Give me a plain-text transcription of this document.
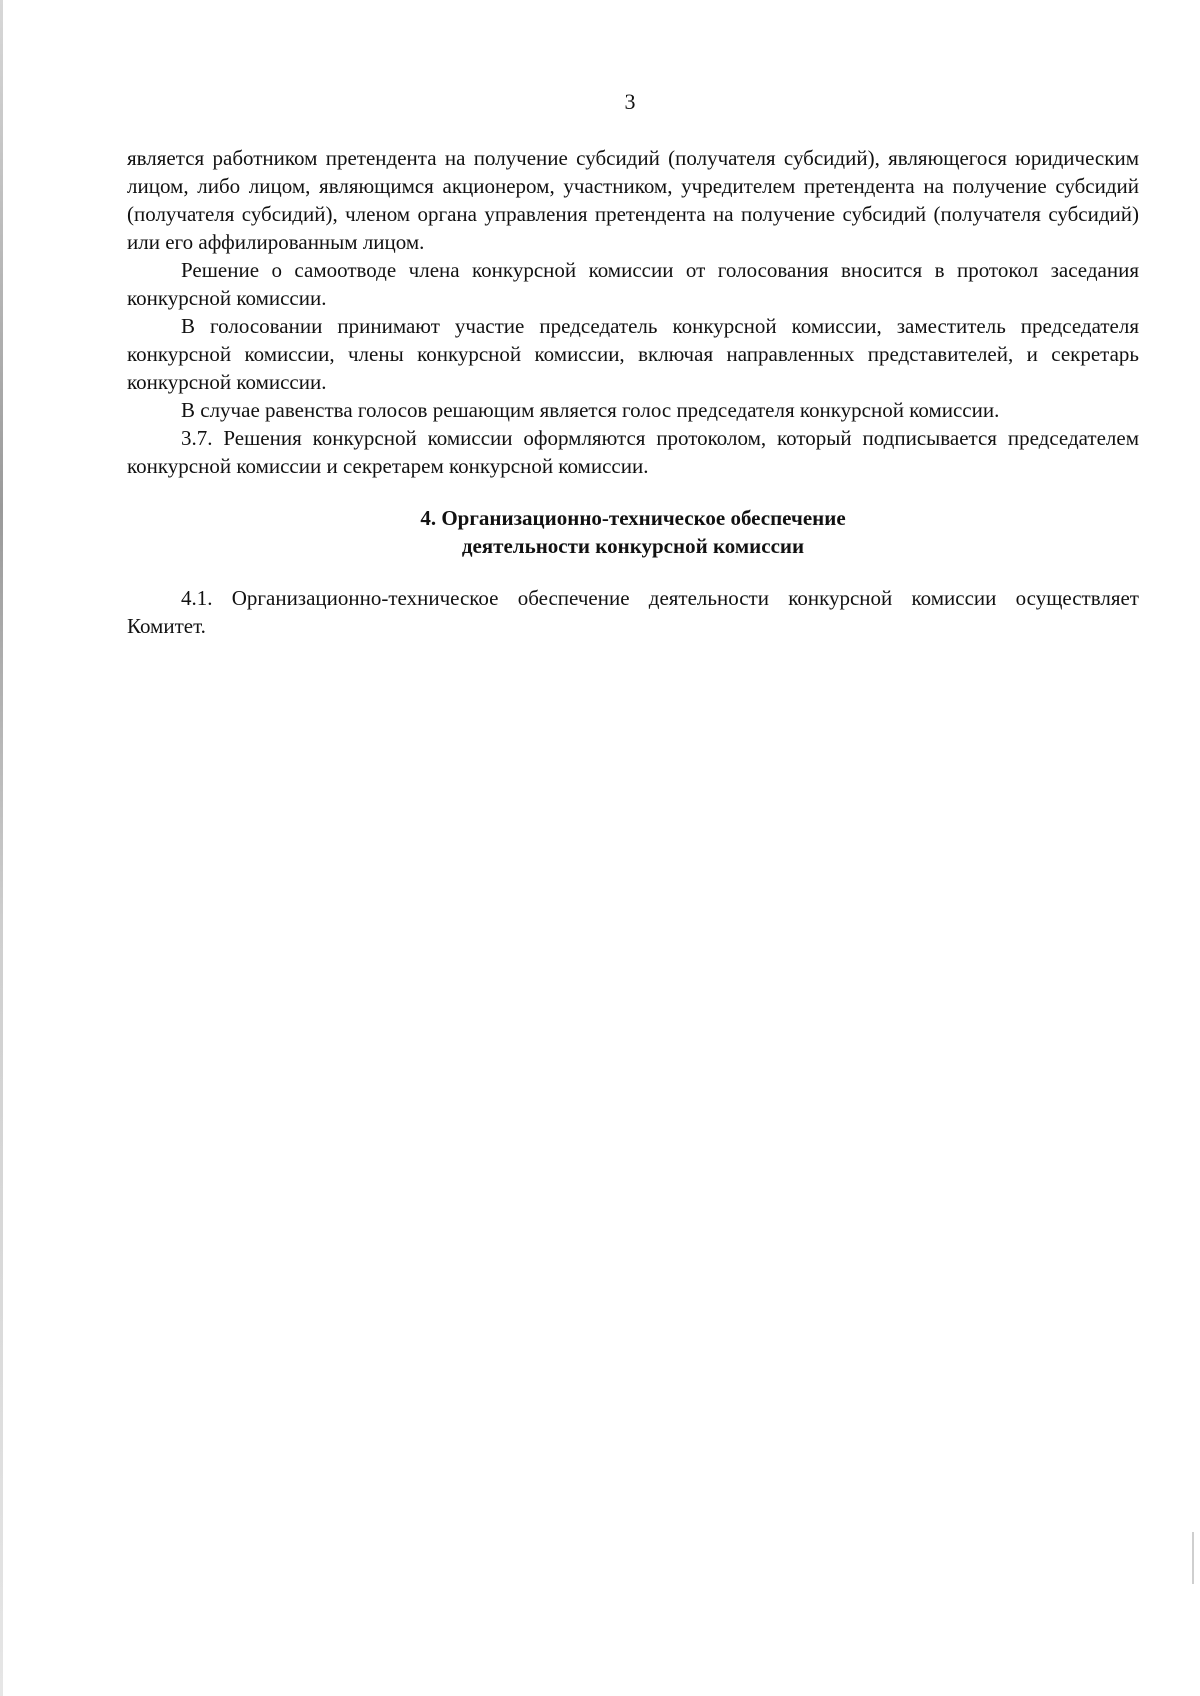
3

является работником претендента на получение субсидий (получателя субсидий), являющегося юридическим лицом, либо лицом, являющимся акционером, участником, учредителем претендента на получение субсидий (получателя субсидий), членом органа управления претендента на получение субсидий (получателя субсидий) или его аффилированным лицом.

Решение о самоотводе члена конкурсной комиссии от голосования вносится в протокол заседания конкурсной комиссии.

В голосовании принимают участие председатель конкурсной комиссии, заместитель председателя конкурсной комиссии, члены конкурсной комиссии, включая направленных представителей, и секретарь конкурсной комиссии.

В случае равенства голосов решающим является голос председателя конкурсной комиссии.

3.7. Решения конкурсной комиссии оформляются протоколом, который подписывается председателем конкурсной комиссии и секретарем конкурсной комиссии.

4. Организационно-техническое обеспечение

деятельности конкурсной комиссии

4.1. Организационно-техническое обеспечение деятельности конкурсной комиссии осуществляет Комитет.
